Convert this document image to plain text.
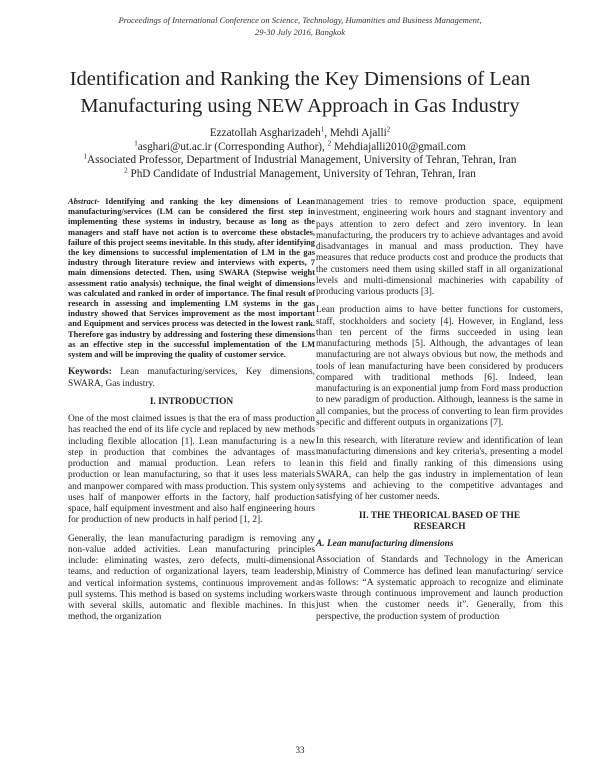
Proceedings of International Conference on Science, Technology, Humanities and Business Management,
29-30 July 2016, Bangkok
Identification and Ranking the Key Dimensions of Lean
Manufacturing using NEW Approach in Gas Industry
Ezzatollah Asgharizadeh$^1$, Mehdi Ajalli$^2$
$^1$asghari@ut.ac.ir (Corresponding Author), $^2$ Mehdiajalli2010@gmail.com
$^1$Associated Professor, Department of Industrial Management, University of Tehran, Tehran, Iran
$^2$ PhD Candidate of Industrial Management, University of Tehran, Tehran, Iran

Abstract- Identifying and ranking the key dimensions of Lean manufacturing/services (LM can be considered the first step in implementing these systems in industry, because as long as the managers and staff have not action is to overcome these obstacles, failure of this project seems inevitable. In this study, after identifying the key dimensions to successful implementation of LM in the gas industry through literature review and interviews with experts, 7 main dimensions detected. Then, using SWARA (Stepwise weight assessment ratio analysis) technique, the final weight of dimensions was calculated and ranked in order of importance. The final result of research in assessing and implementing LM systems in the gas industry showed that Services improvement as the most important and Equipment and services process was detected in the lowest rank. Therefore gas industry by addressing and fostering these dimensions as an effective step in the successful implementation of the LM system and will be improving the quality of customer service.

Keywords: Lean manufacturing/services, Key dimensions, SWARA, Gas industry.

I. INTRODUCTION

One of the most claimed issues is that the era of mass production has reached the end of its life cycle and replaced by new methods including flexible allocation [1]. Lean manufacturing is a new step in production that combines the advantages of mass production and manual production. Lean refers to lean production or lean manufacturing, so that it uses less materials and manpower compared with mass production. This system only uses half of manpower efforts in the factory, half production space, half equipment investment and also half engineering hours for production of new products in half period [1, 2].

Generally, the lean manufacturing paradigm is removing any non-value added activities. Lean manufacturing principles include: eliminating wastes, zero defects, multi-dimensional teams, and reduction of organizational layers, team leadership, and vertical information systems, continuous improvement and pull systems. This method is based on systems including workers with several skills, automatic and flexible machines. In this method, the organization

management tries to remove production space, equipment investment, engineering work hours and stagnant inventory and pays attention to zero defect and zero inventory. In lean manufacturing, the producers try to achieve advantages and avoid disadvantages in manual and mass production. They have measures that reduce products cost and produce the products that the customers need them using skilled staff in all organizational levels and multi-dimensional machineries with capability of producing various products [3].

Lean production aims to have better functions for customers, staff, stockholders and society [4]. However, in England, less than ten percent of the firms succeeded in using lean manufacturing methods [5]. Although, the advantages of lean manufacturing are not always obvious but now, the methods and tools of lean manufacturing have been considered by producers compared with traditional methods [6]. Indeed, lean manufacturing is an exponential jump from Ford mass production to new paradigm of production. Although, leanness is the same in all companies, but the process of converting to lean firm provides specific and different outputs in organizations [7].

In this research, with literature review and identification of lean manufacturing dimensions and key criteria's, presenting a model in this field and finally ranking of this dimensions using SWARA, can help the gas industry in implementation of lean systems and achieving to the competitive advantages and satisfying of her customer needs.

II. THE THEORICAL BASED OF THE
RESEARCH
A. Lean manufacturing dimensions

Association of Standards and Technology in the American Ministry of Commerce has defined lean manufacturing/ service as follows: “A systematic approach to recognize and eliminate waste through continuous improvement and launch production just when the customer needs it”. Generally, from this perspective, the production system of production

33
